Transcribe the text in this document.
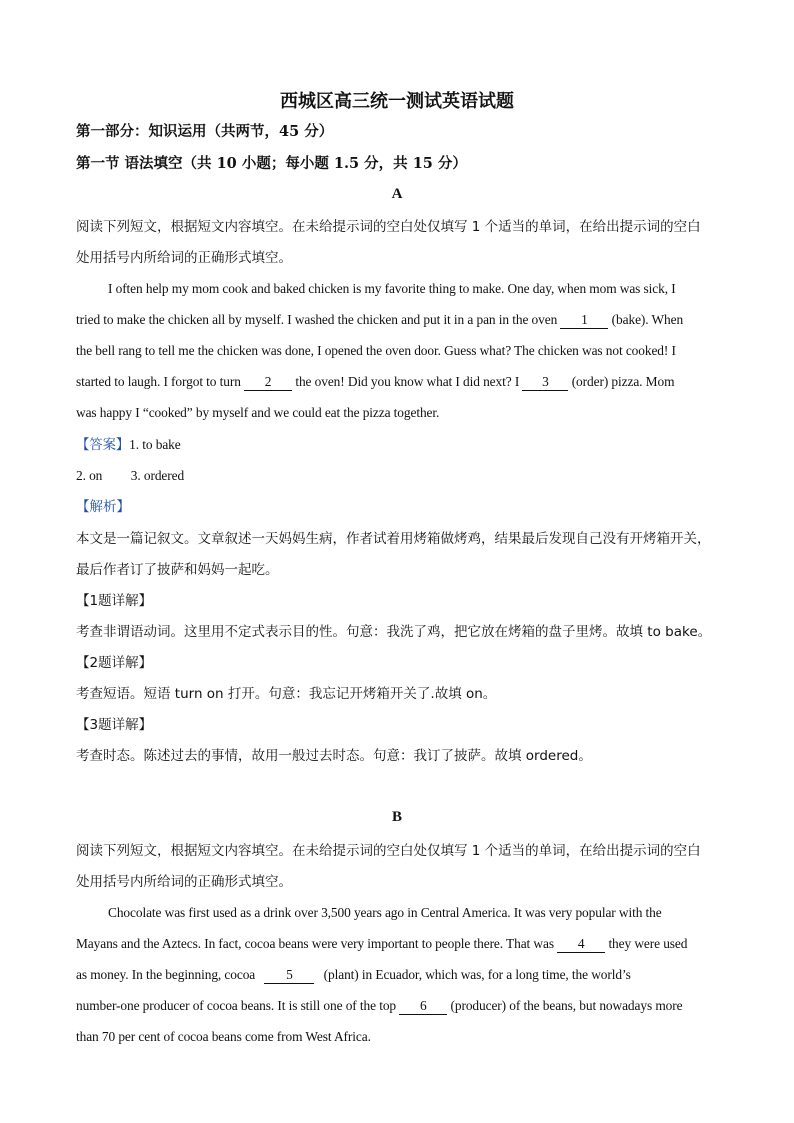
西城区高三统一测试英语试题
第一部分：知识运用（共两节，45 分）
第一节 语法填空（共 10 小题；每小题 1.5 分，共 15 分）
A
阅读下列短文，根据短文内容填空。在未给提示词的空白处仅填写 1 个适当的单词，在给出提示词的空白
处用括号内所给词的正确形式填空。
I often help my mom cook and baked chicken is my favorite thing to make. One day, when mom was sick, I
tried to make the chicken all by myself. I washed the chicken and put it in a pan in the oven 1 (bake). When
the bell rang to tell me the chicken was done, I opened the oven door. Guess what? The chicken was not cooked! I
started to laugh. I forgot to turn 2 the oven! Did you know what I did next? I 3 (order) pizza. Mom
was happy I “cooked” by myself and we could eat the pizza together.
【答案】1. to bake
2. on 3. ordered
【解析】
本文是一篇记叙文。文章叙述一天妈妈生病，作者试着用烤箱做烤鸡，结果最后发现自己没有开烤箱开关，
最后作者订了披萨和妈妈一起吃。
【1题详解】
考查非谓语动词。这里用不定式表示目的性。句意：我洗了鸡，把它放在烤箱的盘子里烤。故填 to bake。
【2题详解】
考查短语。短语 turn on 打开。句意：我忘记开烤箱开关了.故填 on。
【3题详解】
考查时态。陈述过去的事情，故用一般过去时态。句意：我订了披萨。故填 ordered。
B
阅读下列短文，根据短文内容填空。在未给提示词的空白处仅填写 1 个适当的单词，在给出提示词的空白
处用括号内所给词的正确形式填空。
Chocolate was first used as a drink over 3,500 years ago in Central America. It was very popular with the
Mayans and the Aztecs. In fact, cocoa beans were very important to people there. That was 4 they were used
as money. In the beginning, cocoa 5 (plant) in Ecuador, which was, for a long time, the world’s
number-one producer of cocoa beans. It is still one of the top 6 (producer) of the beans, but nowadays more
than 70 per cent of cocoa beans come from West Africa.
